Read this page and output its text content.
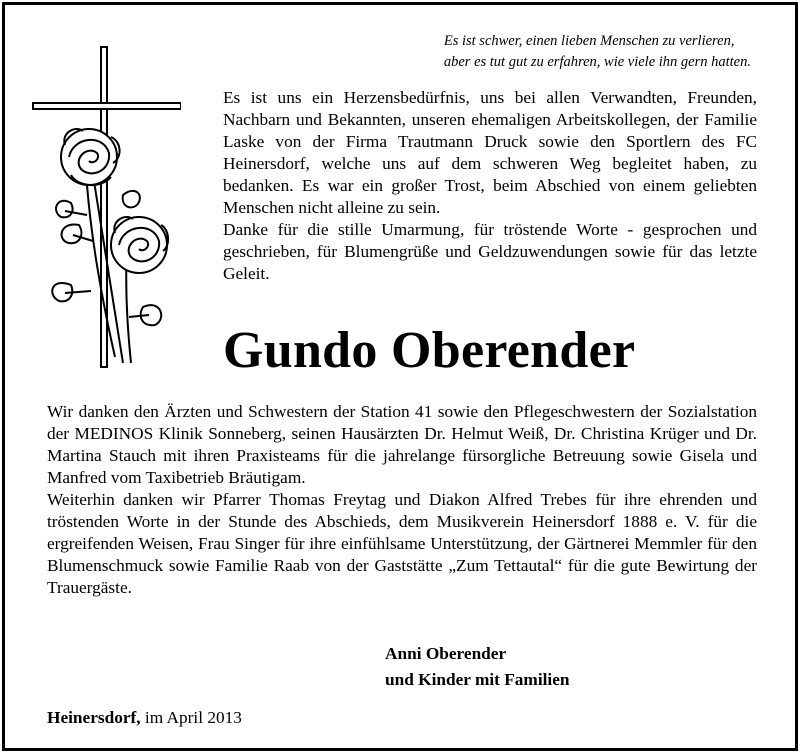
Es ist schwer, einen lieben Menschen zu verlieren,
aber es tut gut zu erfahren, wie viele ihn gern hatten.

Es ist uns ein Herzensbedürfnis, uns bei allen Verwandten, Freunden, Nachbarn und Bekannten, unseren ehemaligen Arbeitskollegen, der Familie Laske von der Firma Trautmann Druck sowie den Sportlern des FC Heinersdorf, welche uns auf dem schweren Weg begleitet haben, zu bedanken. Es war ein großer Trost, beim Abschied von einem geliebten Menschen nicht alleine zu sein.

Danke für die stille Umarmung, für tröstende Worte - gesprochen und geschrieben, für Blumengrüße und Geldzuwendungen sowie für das letzte Geleit.

Gundo Oberender

Wir danken den Ärzten und Schwestern der Station 41 sowie den Pflegeschwestern der Sozialstation der MEDINOS Klinik Sonneberg, seinen Hausärzten Dr. Helmut Weiß, Dr. Christina Krüger und Dr. Martina Stauch mit ihren Praxisteams für die jahrelange fürsorgliche Betreuung sowie Gisela und Manfred vom Taxibetrieb Bräutigam.

Weiterhin danken wir Pfarrer Thomas Freytag und Diakon Alfred Trebes für ihre ehrenden und tröstenden Worte in der Stunde des Abschieds, dem Musikverein Heinersdorf 1888 e. V. für die ergreifenden Weisen, Frau Singer für ihre einfühlsame Unterstützung, der Gärtnerei Memmler für den Blumenschmuck sowie Familie Raab von der Gaststätte „Zum Tettautal“ für die gute Bewirtung der Trauergäste.

Anni Oberender
und Kinder mit Familien
Heinersdorf, im April 2013
